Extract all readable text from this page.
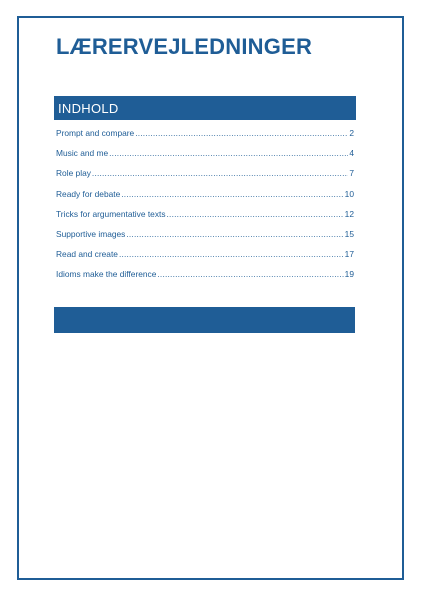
LÆRERVEJLEDNINGER
INDHOLD
Prompt and compare .....	2
Music and me .....	4
Role play .....	7
Ready for debate .....	10
Tricks for argumentative texts .....	12
Supportive images .....	15
Read and create .....	17
Idioms make the difference .....	19
